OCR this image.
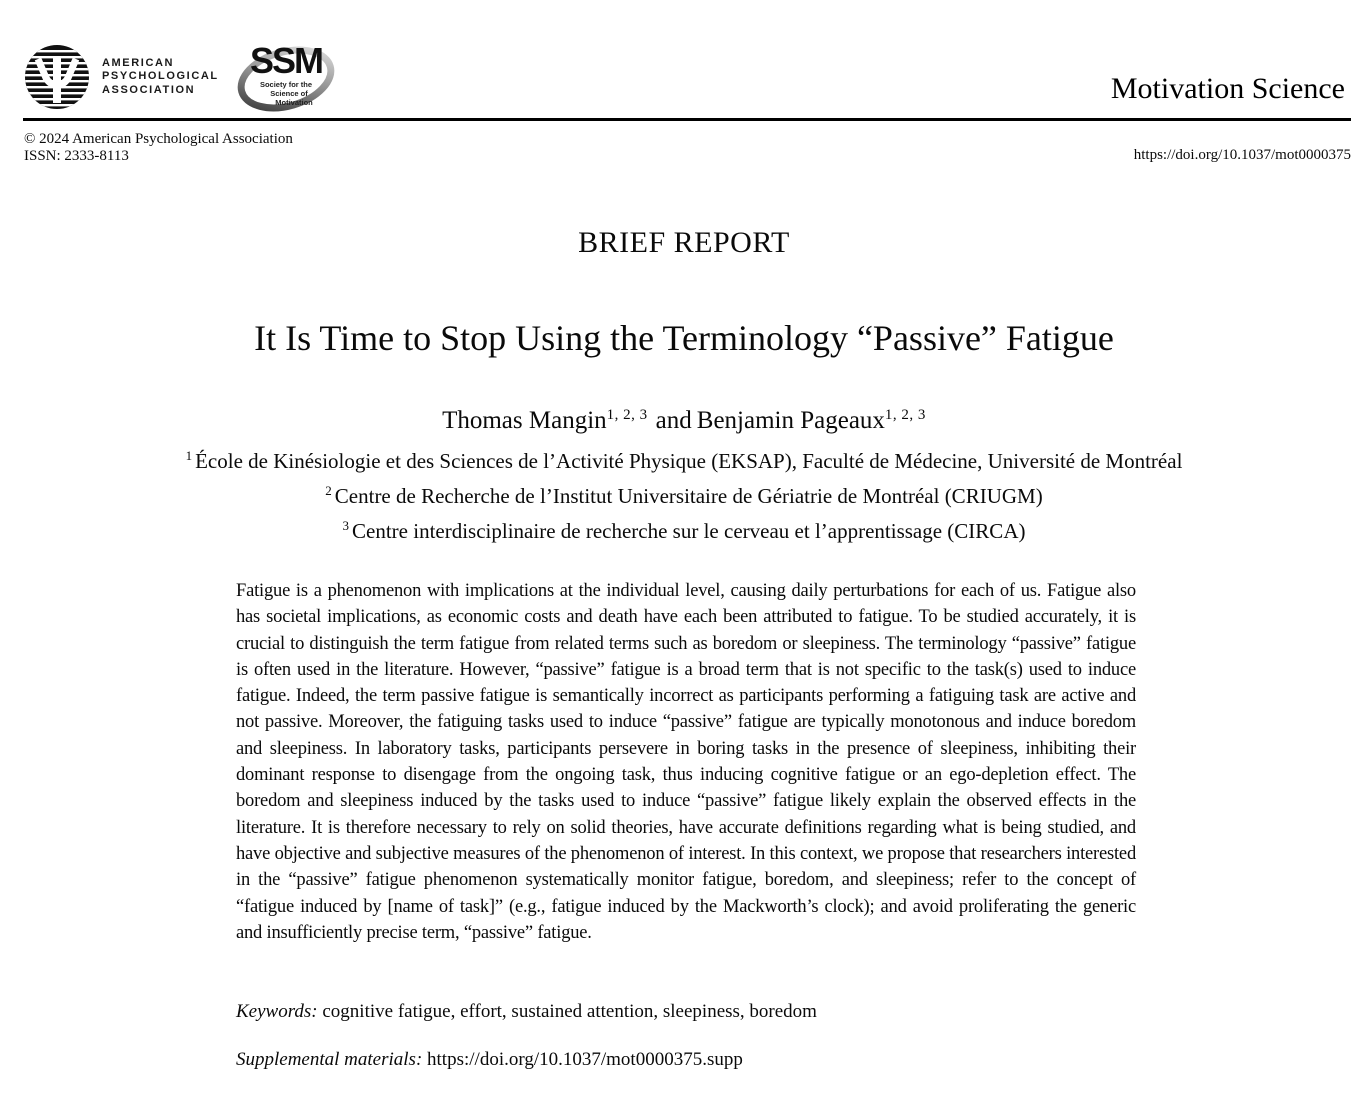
AMERICAN
PSYCHOLOGICAL
ASSOCIATION
SSM
Society for the
Science of
Motivation	Motivation Science
© 2024 American Psychological Association
ISSN: 2333-8113	https://doi.org/10.1037/mot0000375
BRIEF REPORT
It Is Time to Stop Using the Terminology “Passive” Fatigue
Thomas Mangin$^{1, 2, 3}$ and Benjamin Pageaux$^{1, 2, 3}$
$^1$ École de Kinésiologie et des Sciences de l’Activité Physique (EKSAP), Faculté de Médecine, Université de Montréal
$^2$ Centre de Recherche de l’Institut Universitaire de Gériatrie de Montréal (CRIUGM)
$^3$ Centre interdisciplinaire de recherche sur le cerveau et l’apprentissage (CIRCA)

Fatigue is a phenomenon with implications at the individual level, causing daily perturbations for each of us. Fatigue also has societal implications, as economic costs and death have each been attributed to fatigue. To be studied accurately, it is crucial to distinguish the term fatigue from related terms such as boredom or sleepiness. The terminology “passive” fatigue is often used in the literature. However, “passive” fatigue is a broad term that is not specific to the task(s) used to induce fatigue. Indeed, the term passive fatigue is semantically incorrect as participants performing a fatiguing task are active and not passive. Moreover, the fatiguing tasks used to induce “passive” fatigue are typically monotonous and induce boredom and sleepiness. In laboratory tasks, participants persevere in boring tasks in the presence of sleepiness, inhibiting their dominant response to disengage from the ongoing task, thus inducing cognitive fatigue or an ego-depletion effect. The boredom and sleepiness induced by the tasks used to induce “passive” fatigue likely explain the observed effects in the literature. It is therefore necessary to rely on solid theories, have accurate definitions regarding what is being studied, and have objective and subjective measures of the phenomenon of interest. In this context, we propose that researchers interested in the “passive” fatigue phenomenon systematically monitor fatigue, boredom, and sleepiness; refer to the concept of “fatigue induced by [name of task]” (e.g., fatigue induced by the Mackworth’s clock); and avoid proliferating the generic and insufficiently precise term, “passive” fatigue.

Keywords: cognitive fatigue, effort, sustained attention, sleepiness, boredom

Supplemental materials: https://doi.org/10.1037/mot0000375.supp
